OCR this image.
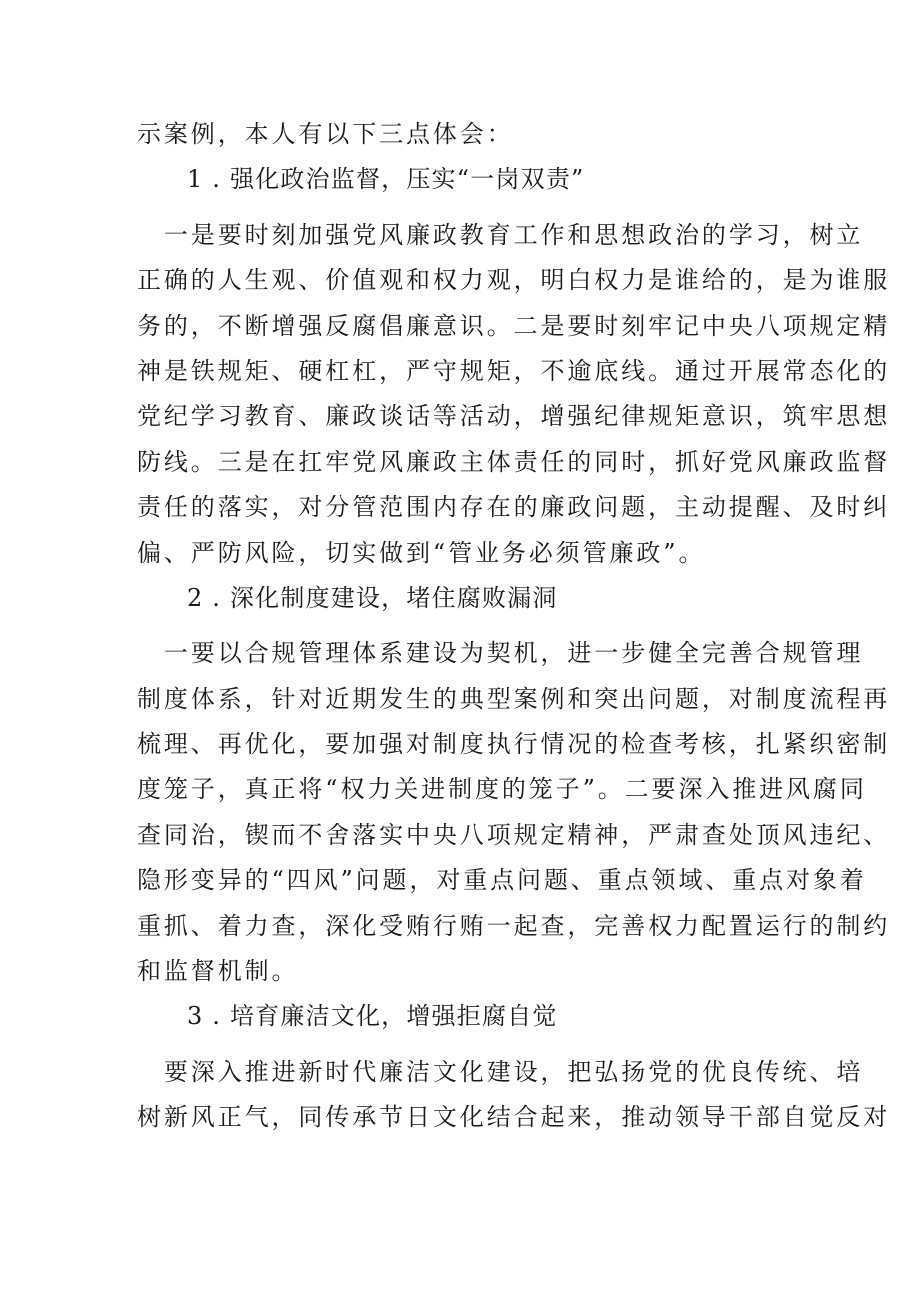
示案例，本人有以下三点体会：
1 . 强化政治监督，压实“一岗双责”
　一是要时刻加强党风廉政教育工作和思想政治的学习，树立
正确的人生观、价值观和权力观，明白权力是谁给的，是为谁服
务的，不断增强反腐倡廉意识。二是要时刻牢记中央八项规定精
神是铁规矩、硬杠杠，严守规矩，不逾底线。通过开展常态化的
党纪学习教育、廉政谈话等活动，增强纪律规矩意识，筑牢思想
防线。三是在扛牢党风廉政主体责任的同时，抓好党风廉政监督
责任的落实，对分管范围内存在的廉政问题，主动提醒、及时纠
偏、严防风险，切实做到“管业务必须管廉政”。
2 . 深化制度建设，堵住腐败漏洞
　一要以合规管理体系建设为契机，进一步健全完善合规管理
制度体系，针对近期发生的典型案例和突出问题，对制度流程再
梳理、再优化，要加强对制度执行情况的检查考核，扎紧织密制
度笼子，真正将“权力关进制度的笼子”。二要深入推进风腐同
查同治，锲而不舍落实中央八项规定精神，严肃查处顶风违纪、
隐形变异的“四风”问题，对重点问题、重点领域、重点对象着
重抓、着力查，深化受贿行贿一起查，完善权力配置运行的制约
和监督机制。
3 . 培育廉洁文化，增强拒腐自觉
　要深入推进新时代廉洁文化建设，把弘扬党的优良传统、培
树新风正气，同传承节日文化结合起来，推动领导干部自觉反对
